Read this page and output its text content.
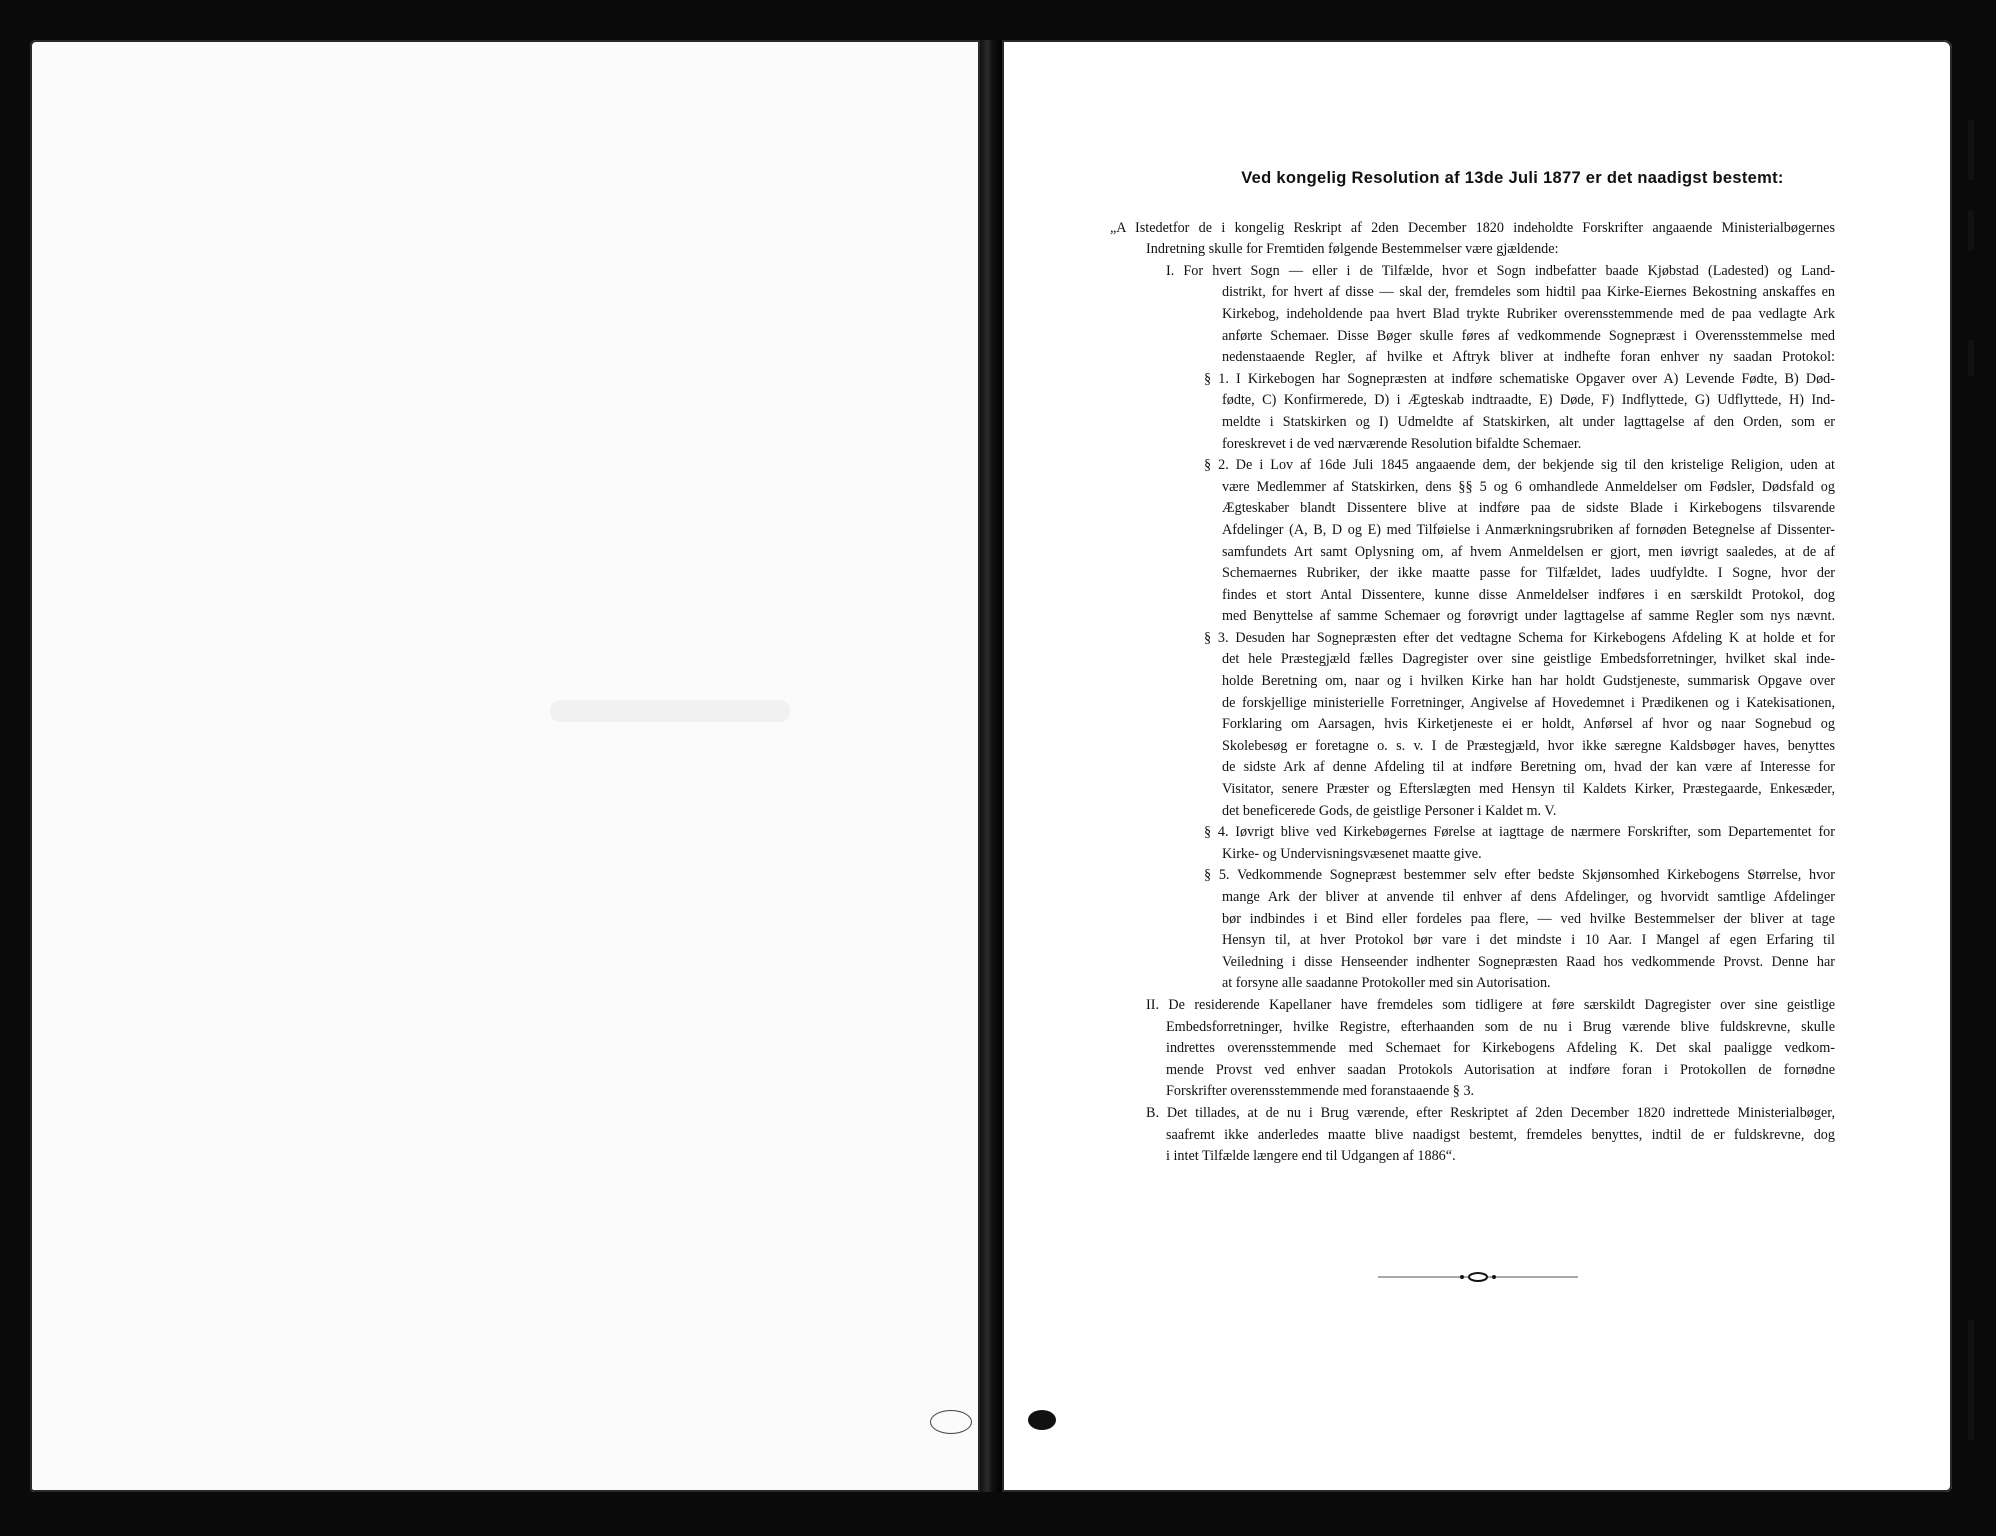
Ved kongelig Resolution af 13de Juli 1877 er det naadigst bestemt:
„A Istedetfor de i kongelig Reskript af 2den December 1820 indeholdte Forskrifter angaaende Ministerialbøgernes
Indretning skulle for Fremtiden følgende Bestemmelser være gjældende:
I. For hvert Sogn — eller i de Tilfælde, hvor et Sogn indbefatter baade Kjøbstad (Ladested) og Land-
distrikt, for hvert af disse — skal der, fremdeles som hidtil paa Kirke-Eiernes Bekostning anskaffes en
Kirkebog, indeholdende paa hvert Blad trykte Rubriker overensstemmende med de paa vedlagte Ark
anførte Schemaer. Disse Bøger skulle føres af vedkommende Sognepræst i Overensstemmelse med
nedenstaaende Regler, af hvilke et Aftryk bliver at indhefte foran enhver ny saadan Protokol:
§ 1. I Kirkebogen har Sognepræsten at indføre schematiske Opgaver over A) Levende Fødte, B) Død-
fødte, C) Konfirmerede, D) i Ægteskab indtraadte, E) Døde, F) Indflyttede, G) Udflyttede, H) Ind-
meldte i Statskirken og I) Udmeldte af Statskirken, alt under lagttagelse af den Orden, som er
foreskrevet i de ved nærværende Resolution bifaldte Schemaer.
§ 2. De i Lov af 16de Juli 1845 angaaende dem, der bekjende sig til den kristelige Religion, uden at
være Medlemmer af Statskirken, dens §§ 5 og 6 omhandlede Anmeldelser om Fødsler, Dødsfald og
Ægteskaber blandt Dissentere blive at indføre paa de sidste Blade i Kirkebogens tilsvarende
Afdelinger (A, B, D og E) med Tilføielse i Anmærkningsrubriken af fornøden Betegnelse af Dissenter-
samfundets Art samt Oplysning om, af hvem Anmeldelsen er gjort, men iøvrigt saaledes, at de af
Schemaernes Rubriker, der ikke maatte passe for Tilfældet, lades uudfyldte. I Sogne, hvor der
findes et stort Antal Dissentere, kunne disse Anmeldelser indføres i en særskildt Protokol, dog
med Benyttelse af samme Schemaer og forøvrigt under lagttagelse af samme Regler som nys nævnt.
§ 3. Desuden har Sognepræsten efter det vedtagne Schema for Kirkebogens Afdeling K at holde et for
det hele Præstegjæld fælles Dagregister over sine geistlige Embedsforretninger, hvilket skal inde-
holde Beretning om, naar og i hvilken Kirke han har holdt Gudstjeneste, summarisk Opgave over
de forskjellige ministerielle Forretninger, Angivelse af Hovedemnet i Prædikenen og i Katekisationen,
Forklaring om Aarsagen, hvis Kirketjeneste ei er holdt, Anførsel af hvor og naar Sognebud og
Skolebesøg er foretagne o. s. v. I de Præstegjæld, hvor ikke særegne Kaldsbøger haves, benyttes
de sidste Ark af denne Afdeling til at indføre Beretning om, hvad der kan være af Interesse for
Visitator, senere Præster og Efterslægten med Hensyn til Kaldets Kirker, Præstegaarde, Enkesæder,
det beneficerede Gods, de geistlige Personer i Kaldet m. V.
§ 4. Iøvrigt blive ved Kirkebøgernes Førelse at iagttage de nærmere Forskrifter, som Departementet for
Kirke- og Undervisningsvæsenet maatte give.
§ 5. Vedkommende Sognepræst bestemmer selv efter bedste Skjønsomhed Kirkebogens Størrelse, hvor
mange Ark der bliver at anvende til enhver af dens Afdelinger, og hvorvidt samtlige Afdelinger
bør indbindes i et Bind eller fordeles paa flere, — ved hvilke Bestemmelser der bliver at tage
Hensyn til, at hver Protokol bør vare i det mindste i 10 Aar. I Mangel af egen Erfaring til
Veiledning i disse Henseender indhenter Sognepræsten Raad hos vedkommende Provst. Denne har
at forsyne alle saadanne Protokoller med sin Autorisation.
II. De residerende Kapellaner have fremdeles som tidligere at føre særskildt Dagregister over sine geistlige
Embedsforretninger, hvilke Registre, efterhaanden som de nu i Brug værende blive fuldskrevne, skulle
indrettes overensstemmende med Schemaet for Kirkebogens Afdeling K. Det skal paaligge vedkom-
mende Provst ved enhver saadan Protokols Autorisation at indføre foran i Protokollen de fornødne
Forskrifter overensstemmende med foranstaaende § 3.
B. Det tillades, at de nu i Brug værende, efter Reskriptet af 2den December 1820 indrettede Ministerialbøger,
saafremt ikke anderledes maatte blive naadigst bestemt, fremdeles benyttes, indtil de er fuldskrevne, dog
i intet Tilfælde længere end til Udgangen af 1886“.
